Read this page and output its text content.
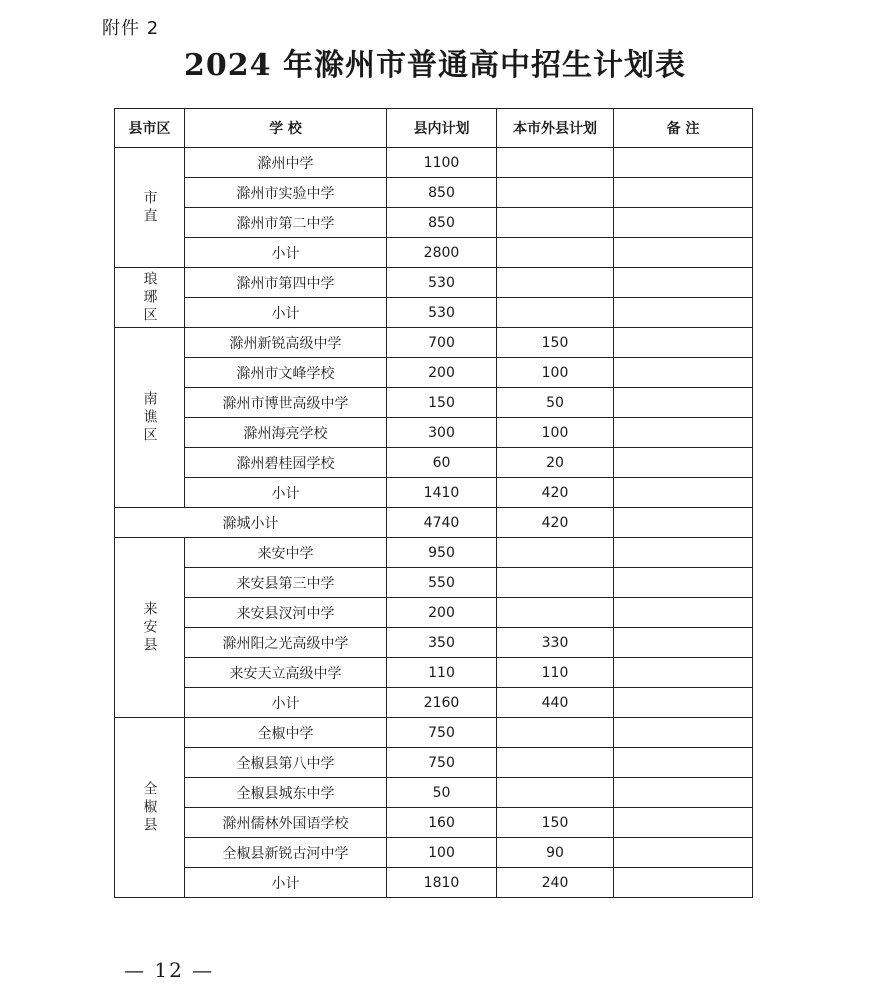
附件 2
2024 年滁州市普通高中招生计划表
县市区	学 校	县内计划	本市外县计划	备 注
市直	滁州中学	1100		
	滁州市实验中学	850		
	滁州市第二中学	850		
	小计	2800		
琅琊区	滁州市第四中学	530		
	小计	530		
南谯区	滁州新锐高级中学	700	150	
	滁州市文峰学校	200	100	
	滁州市博世高级中学	150	50	
	滁州海亮学校	300	100	
	滁州碧桂园学校	60	20	
	小计	1410	420	
滁城小计		4740	420	
来安县	来安中学	950		
	来安县第三中学	550		
	来安县汊河中学	200		
	滁州阳之光高级中学	350	330	
	来安天立高级中学	110	110	
	小计	2160	440	
全椒县	全椒中学	750		
	全椒县第八中学	750		
	全椒县城东中学	50		
	滁州儒林外国语学校	160	150	
	全椒县新锐古河中学	100	90	
	小计	1810	240	
— 12 —
